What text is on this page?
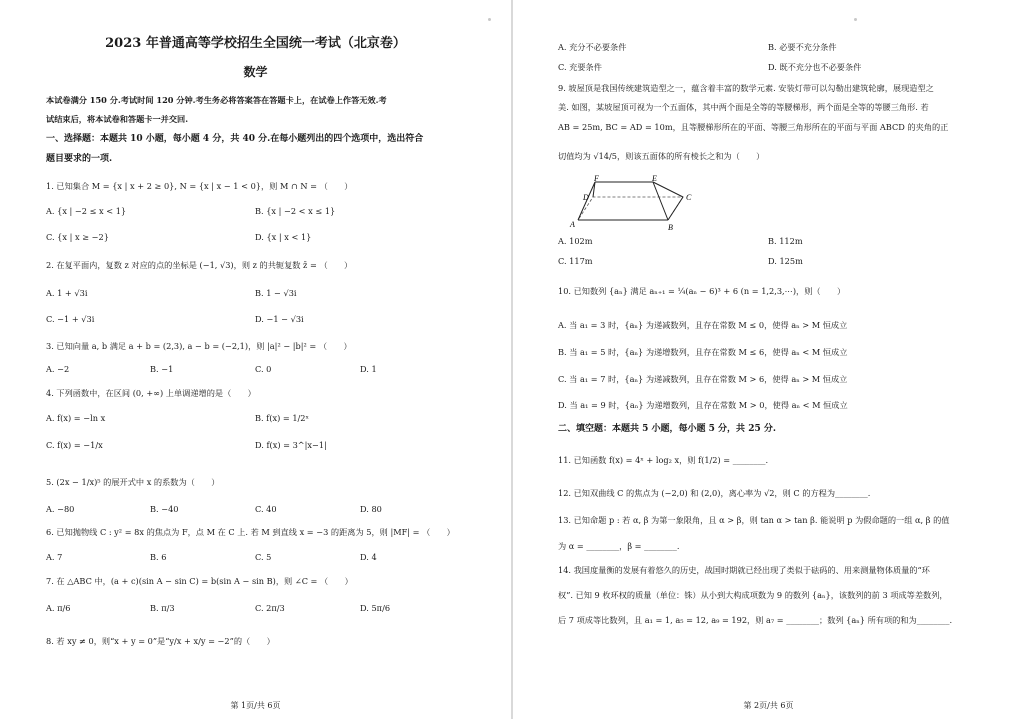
2023 年普通高等学校招生全国统一考试（北京卷）
数学
本试卷满分 150 分.考试时间 120 分钟.考生务必将答案答在答题卡上，在试卷上作答无效.考
试结束后，将本试卷和答题卡一并交回.
一、选择题：本题共 10 小题，每小题 4 分，共 40 分.在每小题列出的四个选项中，选出符合
题目要求的一项.
1. 已知集合 M = {x | x + 2 ≥ 0}, N = {x | x − 1 < 0}，则 M ∩ N = （　　）
A. {x | −2 ≤ x < 1}	B. {x | −2 < x ≤ 1}
C. {x | x ≥ −2}	D. {x | x < 1}
2. 在复平面内，复数 z 对应的点的坐标是 (−1, √3)，则 z 的共轭复数 z̄ = （　　）
A. 1 + √3i	B. 1 − √3i
C. −1 + √3i	D. −1 − √3i
3. 已知向量 a, b 满足 a + b = (2,3), a − b = (−2,1)，则 |a|² − |b|² = （　　）
A. −2	B. −1	C. 0	D. 1
4. 下列函数中，在区间 (0, +∞) 上单调递增的是（　　）
A. f(x) = −ln x	B. f(x) = 1/2ˣ
C. f(x) = −1/x	D. f(x) = 3^|x−1|
5. (2x − 1/x)⁵ 的展开式中 x 的系数为（　　）
A. −80	B. −40	C. 40	D. 80
6. 已知抛物线 C : y² = 8x 的焦点为 F，点 M 在 C 上. 若 M 到直线 x = −3 的距离为 5，则 |MF| = （　　）
A. 7	B. 6	C. 5	D. 4
7. 在 △ABC 中，(a + c)(sin A − sin C) = b(sin A − sin B)，则 ∠C = （　　）
A. π/6	B. π/3	C. 2π/3	D. 5π/6
8. 若 xy ≠ 0，则“x + y = 0”是“y/x + x/y = −2”的（　　）
第 1页/共 6页
A. 充分不必要条件	B. 必要不充分条件
C. 充要条件	D. 既不充分也不必要条件
9. 坡屋顶是我国传统建筑造型之一，蕴含着丰富的数学元素. 安装灯带可以勾勒出建筑轮廓，展现造型之
美. 如图，某坡屋顶可视为一个五面体，其中两个面是全等的等腰梯形，两个面是全等的等腰三角形. 若
AB = 25m, BC = AD = 10m，且等腰梯形所在的平面、等腰三角形所在的平面与平面 ABCD 的夹角的正
切值均为 √14/5，则该五面体的所有棱长之和为（　　）
F	E
D	C
A	B
A. 102m	B. 112m
C. 117m	D. 125m
10. 已知数列 {aₙ} 满足 aₙ₊₁ = ¼(aₙ − 6)³ + 6 (n = 1,2,3,⋯)，则（　　）
A. 当 a₁ = 3 时，{aₙ} 为递减数列，且存在常数 M ≤ 0，使得 aₙ > M 恒成立
B. 当 a₁ = 5 时，{aₙ} 为递增数列，且存在常数 M ≤ 6，使得 aₙ < M 恒成立
C. 当 a₁ = 7 时，{aₙ} 为递减数列，且存在常数 M > 6，使得 aₙ > M 恒成立
D. 当 a₁ = 9 时，{aₙ} 为递增数列，且存在常数 M > 0，使得 aₙ < M 恒成立
二、填空题：本题共 5 小题，每小题 5 分，共 25 分.
11. 已知函数 f(x) = 4ˣ + log₂ x，则 f(1/2) = ________.
12. 已知双曲线 C 的焦点为 (−2,0) 和 (2,0)，离心率为 √2，则 C 的方程为________.
13. 已知命题 p : 若 α, β 为第一象限角，且 α > β，则 tan α > tan β. 能说明 p 为假命题的一组 α, β 的值
为 α = ________，β = ________.
14. 我国度量衡的发展有着悠久的历史，战国时期就已经出现了类似于砝码的、用来测量物体质量的“环
权”. 已知 9 枚环权的质量（单位：铢）从小到大构成项数为 9 的数列 {aₙ}，该数列的前 3 项成等差数列，
后 7 项成等比数列，且 a₁ = 1, a₅ = 12, a₉ = 192，则 a₇ = ________；数列 {aₙ} 所有项的和为________.
第 2页/共 6页
